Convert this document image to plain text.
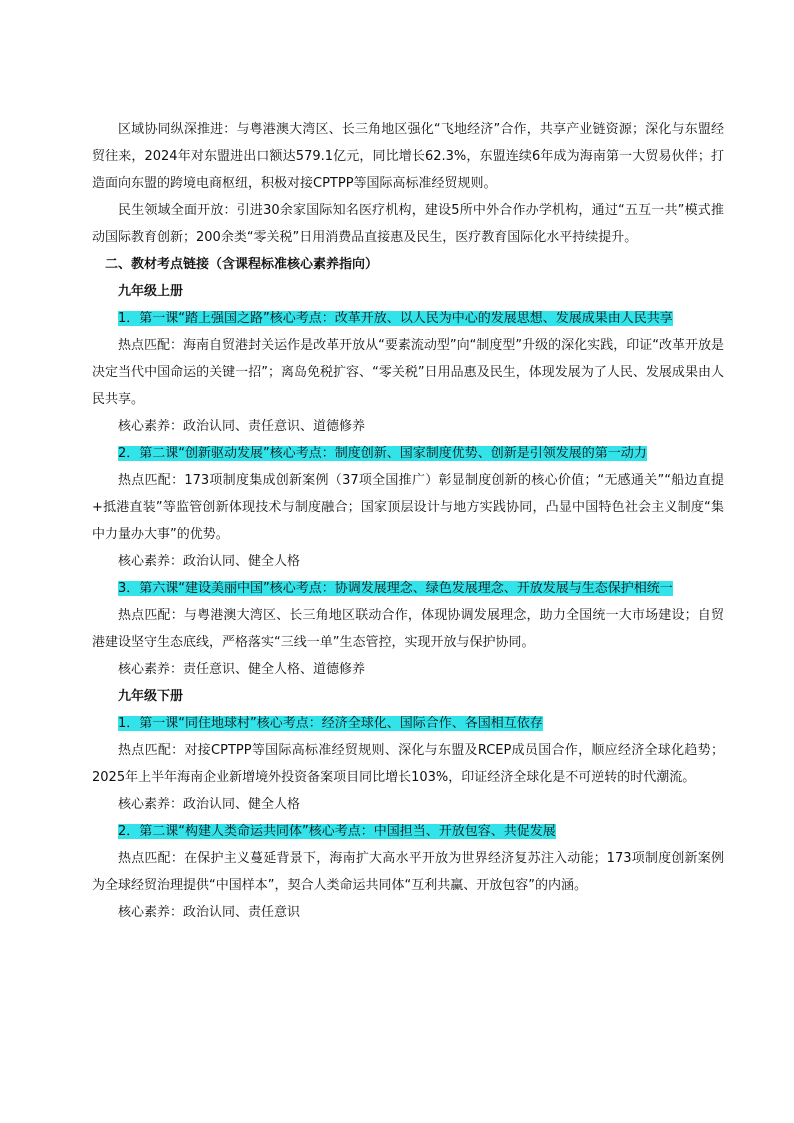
区域协同纵深推进：与粤港澳大湾区、长三角地区强化“飞地经济”合作，共享产业链资源；深化与东盟经贸往来，2024年对东盟进出口额达579.1亿元，同比增长62.3%，东盟连续6年成为海南第一大贸易伙伴；打造面向东盟的跨境电商枢纽，积极对接CPTPP等国际高标准经贸规则。

民生领域全面开放：引进30余家国际知名医疗机构，建设5所中外合作办学机构，通过“五互一共”模式推动国际教育创新；200余类“零关税”日用消费品直接惠及民生，医疗教育国际化水平持续提升。

二、教材考点链接（含课程标准核心素养指向）

九年级上册

1．第一课“踏上强国之路”核心考点：改革开放、以人民为中心的发展思想、发展成果由人民共享

热点匹配：海南自贸港封关运作是改革开放从“要素流动型”向“制度型”升级的深化实践，印证“改革开放是决定当代中国命运的关键一招”；离岛免税扩容、“零关税”日用品惠及民生，体现发展为了人民、发展成果由人民共享。

核心素养：政治认同、责任意识、道德修养

2．第二课“创新驱动发展”核心考点：制度创新、国家制度优势、创新是引领发展的第一动力

热点匹配：173项制度集成创新案例（37项全国推广）彰显制度创新的核心价值；“无感通关”“船边直提+抵港直装”等监管创新体现技术与制度融合；国家顶层设计与地方实践协同，凸显中国特色社会主义制度“集中力量办大事”的优势。

核心素养：政治认同、健全人格

3．第六课“建设美丽中国”核心考点：协调发展理念、绿色发展理念、开放发展与生态保护相统一

热点匹配：与粤港澳大湾区、长三角地区联动合作，体现协调发展理念，助力全国统一大市场建设；自贸港建设坚守生态底线，严格落实“三线一单”生态管控，实现开放与保护协同。

核心素养：责任意识、健全人格、道德修养

九年级下册

1．第一课“同住地球村”核心考点：经济全球化、国际合作、各国相互依存

热点匹配：对接CPTPP等国际高标准经贸规则、深化与东盟及RCEP成员国合作，顺应经济全球化趋势；2025年上半年海南企业新增境外投资备案项目同比增长103%，印证经济全球化是不可逆转的时代潮流。

核心素养：政治认同、健全人格

2．第二课“构建人类命运共同体”核心考点：中国担当、开放包容、共促发展

热点匹配：在保护主义蔓延背景下，海南扩大高水平开放为世界经济复苏注入动能；173项制度创新案例为全球经贸治理提供“中国样本”，契合人类命运共同体“互利共赢、开放包容”的内涵。

核心素养：政治认同、责任意识
